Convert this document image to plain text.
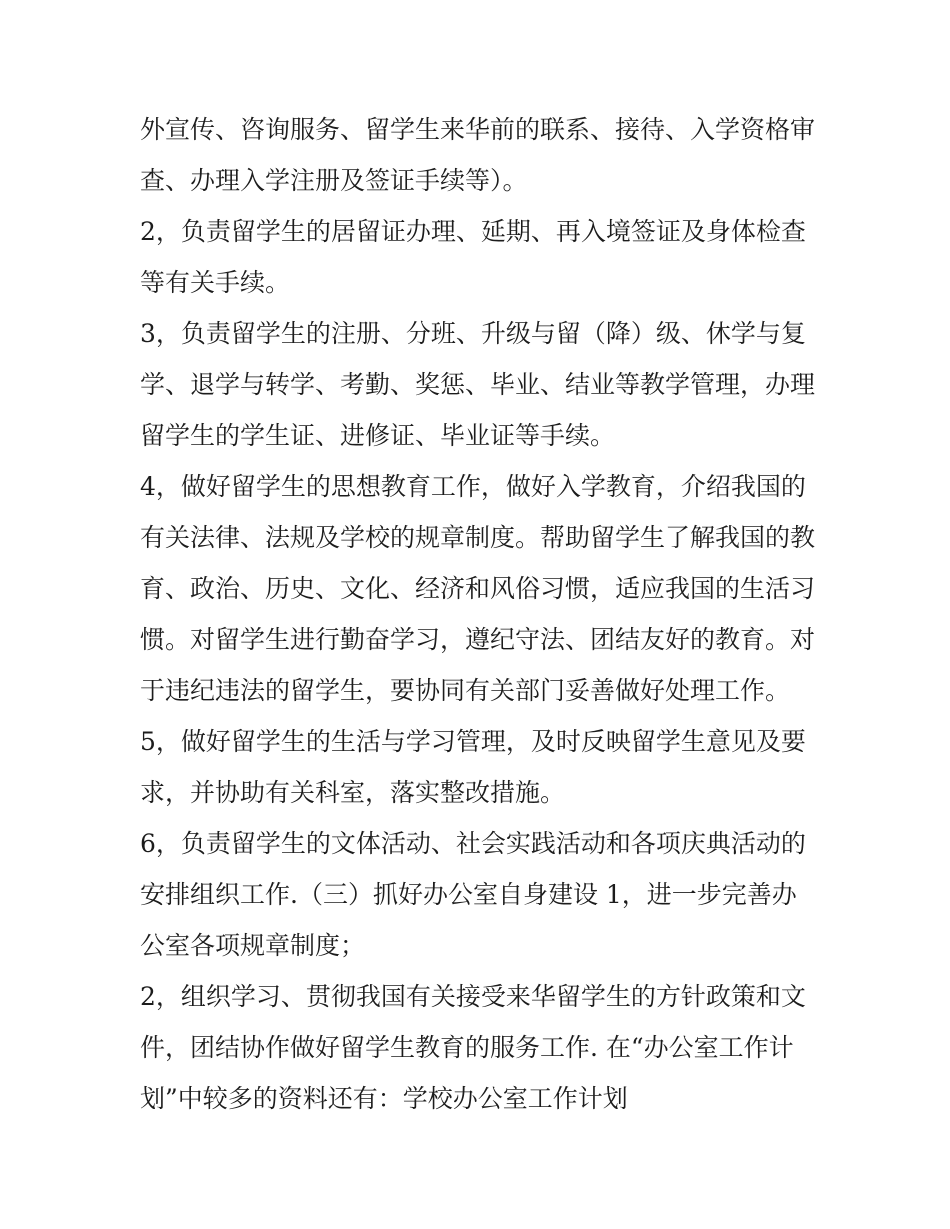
外宣传、咨询服务、留学生来华前的联系、接待、入学资格审
查、办理入学注册及签证手续等）。
2，负责留学生的居留证办理、延期、再入境签证及身体检查
等有关手续。
3，负责留学生的注册、分班、升级与留（降）级、休学与复
学、退学与转学、考勤、奖惩、毕业、结业等教学管理，办理
留学生的学生证、进修证、毕业证等手续。
4，做好留学生的思想教育工作，做好入学教育，介绍我国的
有关法律、法规及学校的规章制度。帮助留学生了解我国的教
育、政治、历史、文化、经济和风俗习惯，适应我国的生活习
惯。对留学生进行勤奋学习，遵纪守法、团结友好的教育。对
于违纪违法的留学生，要协同有关部门妥善做好处理工作。
5，做好留学生的生活与学习管理，及时反映留学生意见及要
求，并协助有关科室，落实整改措施。
6，负责留学生的文体活动、社会实践活动和各项庆典活动的
安排组织工作.（三）抓好办公室自身建设 1，进一步完善办
公室各项规章制度；
2，组织学习、贯彻我国有关接受来华留学生的方针政策和文
件，团结协作做好留学生教育的服务工作. 在“办公室工作计
划”中较多的资料还有：学校办公室工作计划
